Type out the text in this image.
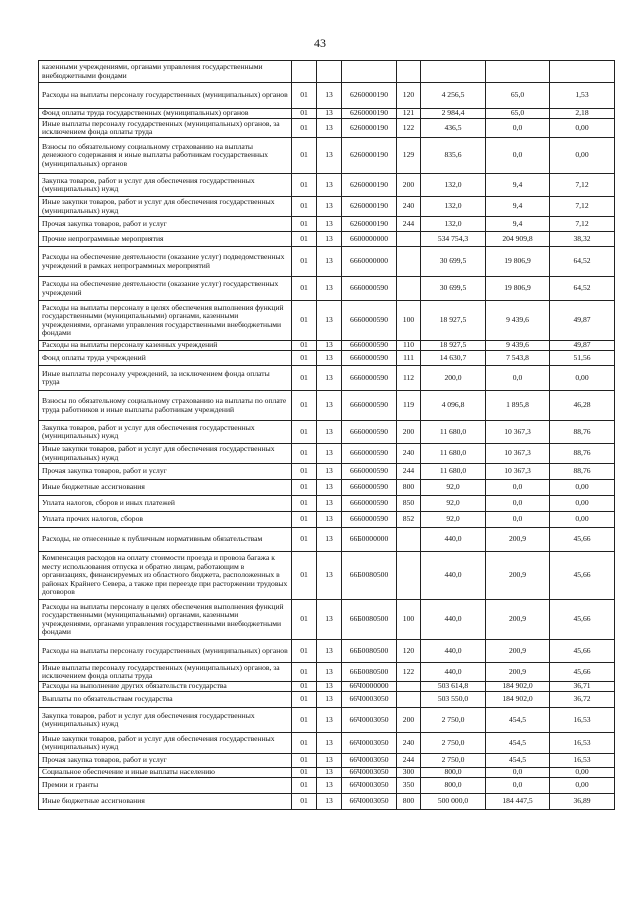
43
казенными учреждениями, органами управления государственными внебюджетными фондами							
Расходы на выплаты персоналу государственных (муниципальных) органов	01	13	6260000190	120	4 256,5	65,0	1,53
Фонд оплаты труда государственных (муниципальных) органов	01	13	6260000190	121	2 984,4	65,0	2,18
Иные выплаты персоналу государственных (муниципальных) органов, за исключением фонда оплаты труда	01	13	6260000190	122	436,5	0,0	0,00
Взносы по обязательному социальному страхованию на выплаты денежного содержания и иные выплаты работникам государственных (муниципальных) органов	01	13	6260000190	129	835,6	0,0	0,00
Закупка товаров, работ и услуг для обеспечения государственных (муниципальных) нужд	01	13	6260000190	200	132,0	9,4	7,12
Иные закупки товаров, работ и услуг для обеспечения государственных (муниципальных) нужд	01	13	6260000190	240	132,0	9,4	7,12
Прочая закупка товаров, работ и услуг	01	13	6260000190	244	132,0	9,4	7,12
Прочие непрограммные мероприятия	01	13	6600000000		534 754,3	204 909,8	38,32
Расходы на обеспечение деятельности (оказание услуг) подведомственных учреждений в рамках непрограммных мероприятий	01	13	6660000000		30 699,5	19 806,9	64,52
Расходы на обеспечение деятельности (оказание услуг) государственных учреждений	01	13	6660000590		30 699,5	19 806,9	64,52
Расходы на выплаты персоналу в целях обеспечения выполнения функций государственными (муниципальными) органами, казенными учреждениями, органами управления государственными внебюджетными фондами	01	13	6660000590	100	18 927,5	9 439,6	49,87
Расходы на выплаты персоналу казенных учреждений	01	13	6660000590	110	18 927,5	9 439,6	49,87
Фонд оплаты труда учреждений	01	13	6660000590	111	14 630,7	7 543,8	51,56
Иные выплаты персоналу учреждений, за исключением фонда оплаты труда	01	13	6660000590	112	200,0	0,0	0,00
Взносы по обязательному социальному страхованию на выплаты по оплате труда работников и иные выплаты работникам учреждений	01	13	6660000590	119	4 096,8	1 895,8	46,28
Закупка товаров, работ и услуг для обеспечения государственных (муниципальных) нужд	01	13	6660000590	200	11 680,0	10 367,3	88,76
Иные закупки товаров, работ и услуг для обеспечения государственных (муниципальных) нужд	01	13	6660000590	240	11 680,0	10 367,3	88,76
Прочая закупка товаров, работ и услуг	01	13	6660000590	244	11 680,0	10 367,3	88,76
Иные бюджетные ассигнования	01	13	6660000590	800	92,0	0,0	0,00
Уплата налогов, сборов и иных платежей	01	13	6660000590	850	92,0	0,0	0,00
Уплата прочих налогов, сборов	01	13	6660000590	852	92,0	0,0	0,00
Расходы, не отнесенные к публичным нормативным обязательствам	01	13	66Б0000000		440,0	200,9	45,66
Компенсация расходов на оплату стоимости проезда и провоза багажа к месту использования отпуска и обратно лицам, работающим в организациях, финансируемых из областного бюджета, расположенных в районах Крайнего Севера, а также при переезде при расторжении трудовых договоров	01	13	66Б0080500		440,0	200,9	45,66
Расходы на выплаты персоналу в целях обеспечения выполнения функций государственными (муниципальными) органами, казенными учреждениями, органами управления государственными внебюджетными фондами	01	13	66Б0080500	100	440,0	200,9	45,66
Расходы на выплаты персоналу государственных (муниципальных) органов	01	13	66Б0080500	120	440,0	200,9	45,66
Иные выплаты персоналу государственных (муниципальных) органов, за исключением фонда оплаты труда	01	13	66Б0080500	122	440,0	200,9	45,66
Расходы на выполнение других обязательств государства	01	13	66Ч0000000		503 614,8	184 902,0	36,71
Выплаты по обязательствам государства	01	13	66Ч0003050		503 550,0	184 902,0	36,72
Закупка товаров, работ и услуг для обеспечения государственных (муниципальных) нужд	01	13	66Ч0003050	200	2 750,0	454,5	16,53
Иные закупки товаров, работ и услуг для обеспечения государственных (муниципальных) нужд	01	13	66Ч0003050	240	2 750,0	454,5	16,53
Прочая закупка товаров, работ и услуг	01	13	66Ч0003050	244	2 750,0	454,5	16,53
Социальное обеспечение и иные выплаты населению	01	13	66Ч0003050	300	800,0	0,0	0,00
Премии и гранты	01	13	66Ч0003050	350	800,0	0,0	0,00
Иные бюджетные ассигнования	01	13	66Ч0003050	800	500 000,0	184 447,5	36,89
